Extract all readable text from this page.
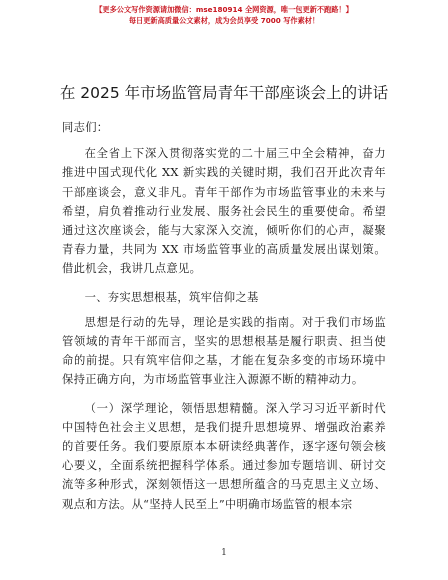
【更多公文写作资源请加微信：mse180914 全网资源，唯一包更新不跑路！】
每日更新高质量公文素材，成为会员享受 7000 写作素材！
在 2025 年市场监管局青年干部座谈会上的讲话

同志们：

在全省上下深入贯彻落实党的二十届三中全会精神，奋力推进中国式现代化 XX 新实践的关键时期，我们召开此次青年干部座谈会，意义非凡。青年干部作为市场监管事业的未来与希望，肩负着推动行业发展、服务社会民生的重要使命。希望通过这次座谈会，能与大家深入交流，倾听你们的心声，凝聚青春力量，共同为 XX 市场监管事业的高质量发展出谋划策。借此机会，我讲几点意见。

一、夯实思想根基，筑牢信仰之基

思想是行动的先导，理论是实践的指南。对于我们市场监管领域的青年干部而言，坚实的思想根基是履行职责、担当使命的前提。只有筑牢信仰之基，才能在复杂多变的市场环境中保持正确方向，为市场监管事业注入源源不断的精神动力。

（一）深学理论，领悟思想精髓。深入学习习近平新时代中国特色社会主义思想，是我们提升思想境界、增强政治素养的首要任务。我们要原原本本研读经典著作，逐字逐句领会核心要义，全面系统把握科学体系。通过参加专题培训、研讨交流等多种形式，深刻领悟这一思想所蕴含的马克思主义立场、观点和方法。从“坚持人民至上”中明确市场监管的根本宗

1
